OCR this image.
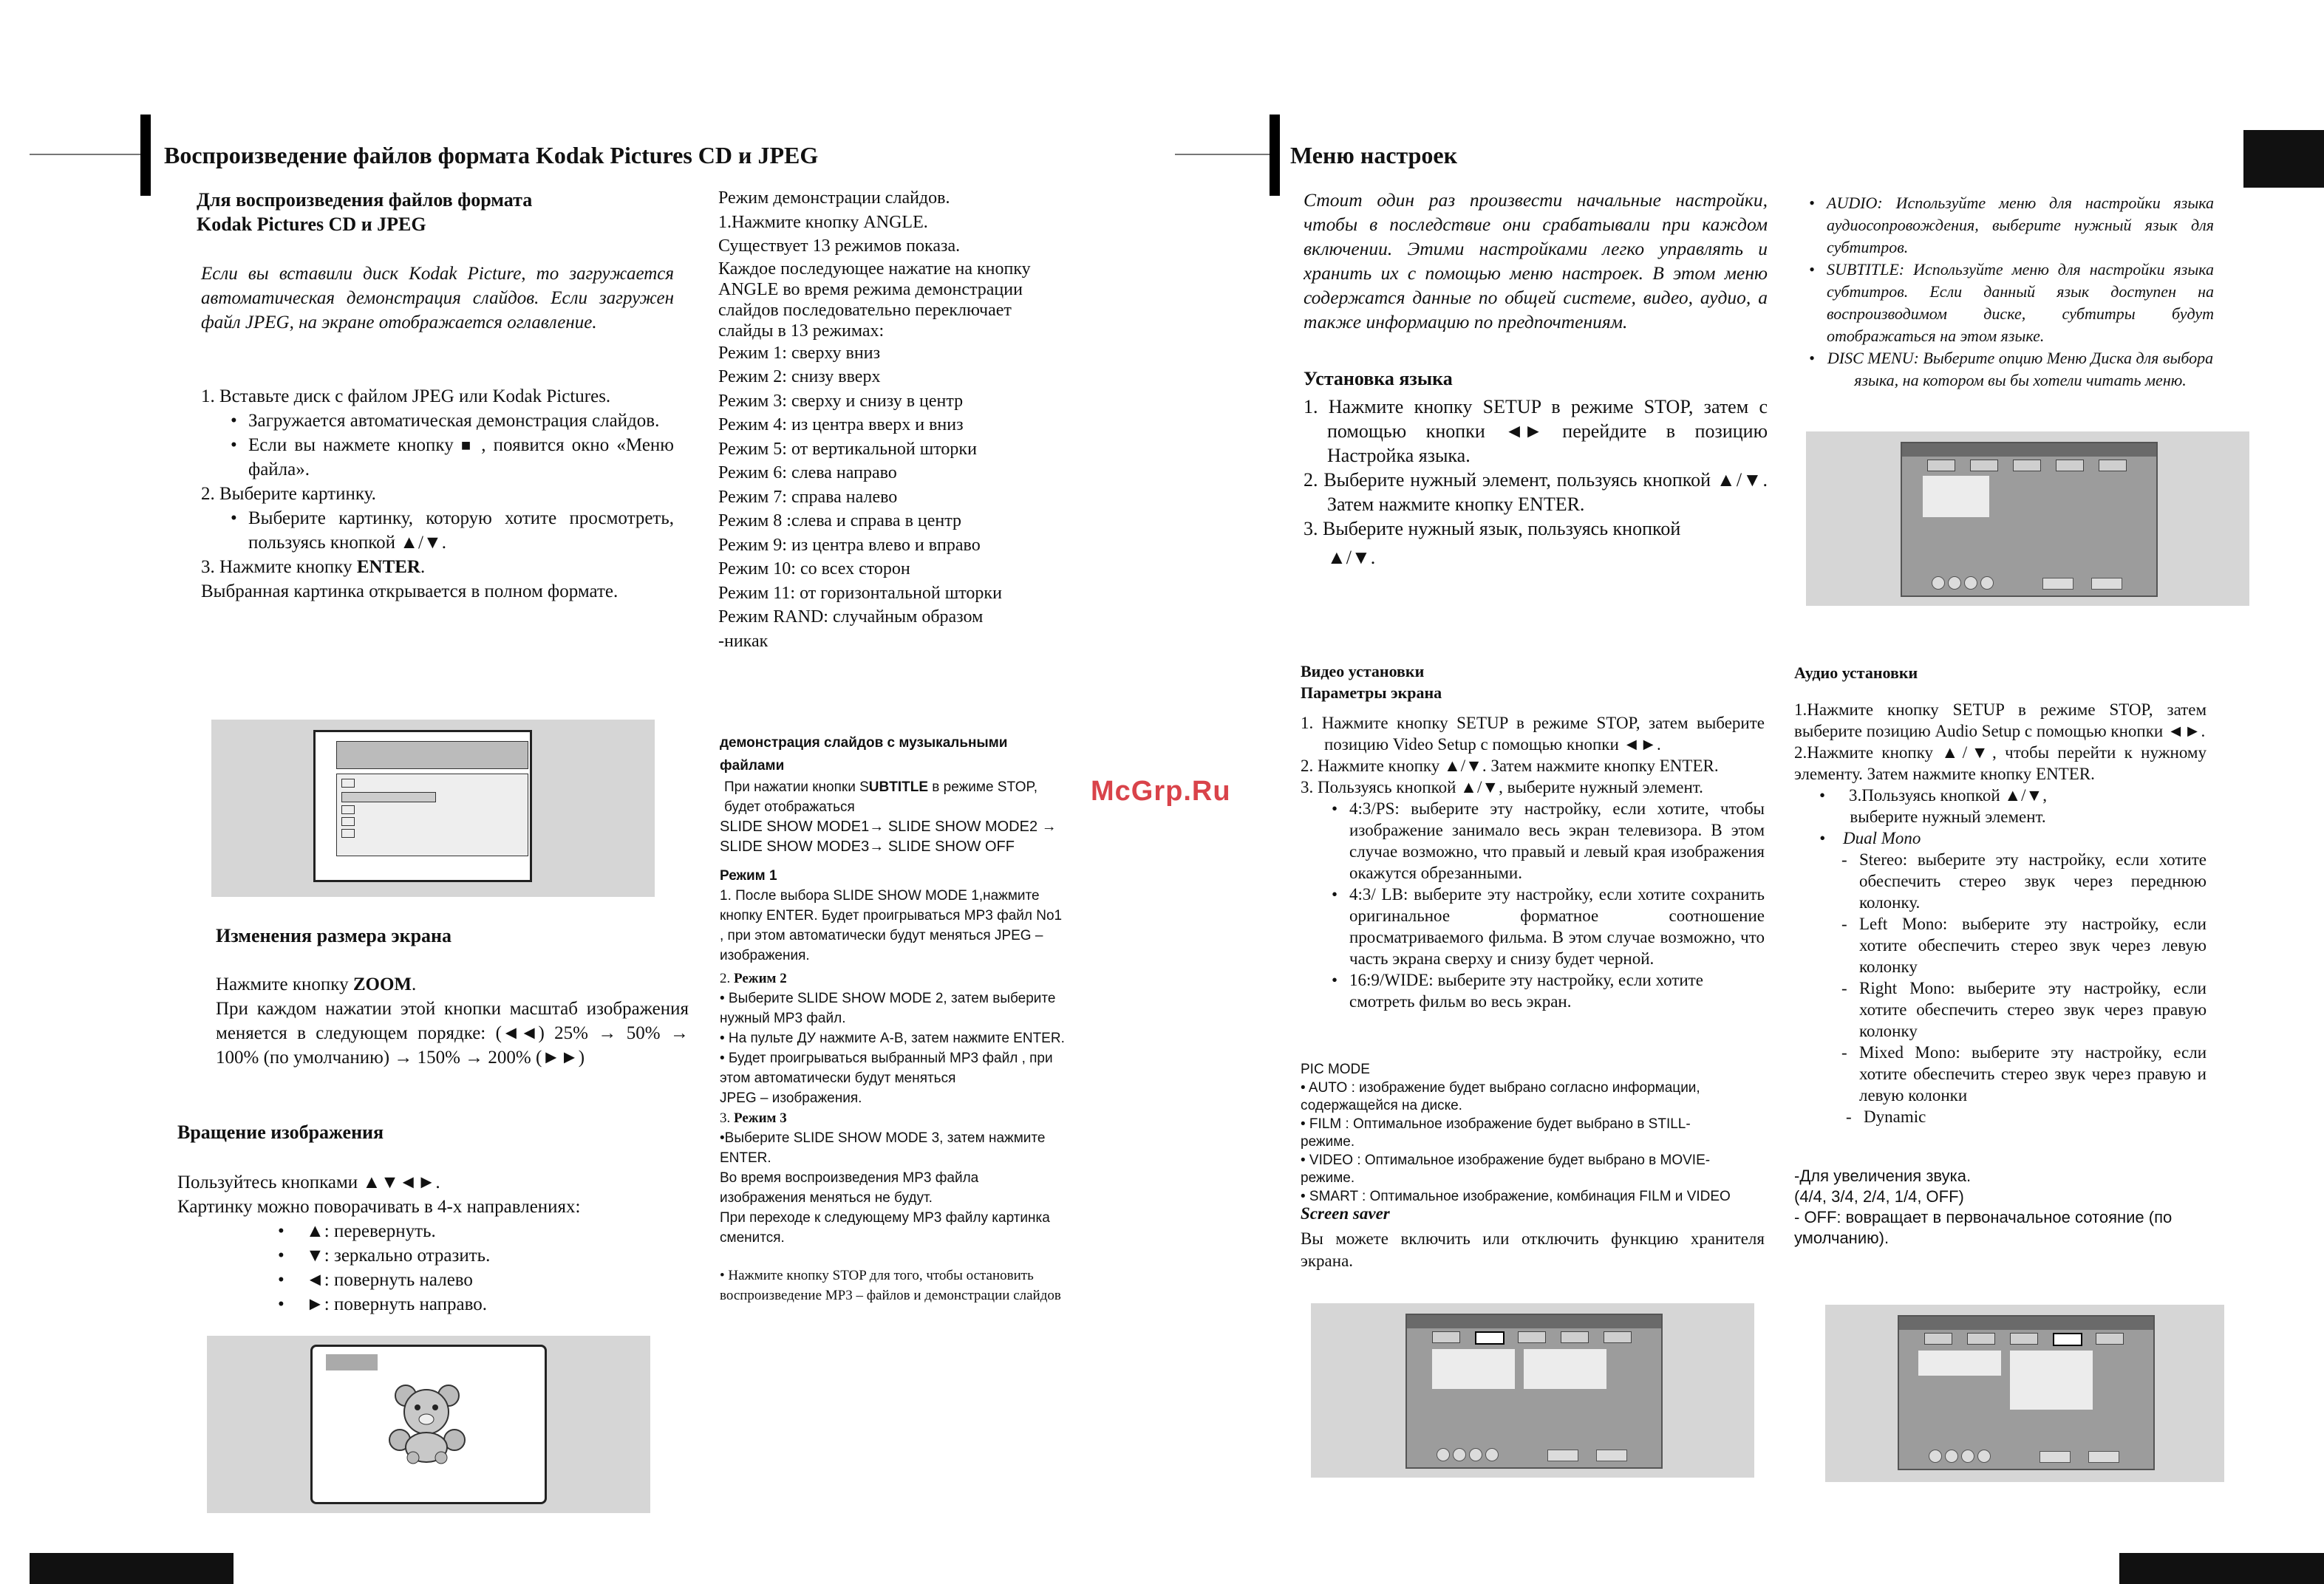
Воспроизведение файлов формата Kodak Pictures CD и JPEG
Для воспроизведения файлов формата
Kodak Pictures CD и JPEG
Если вы вставили диск Kodak Picture, то загружается автоматическая демонстрация слайдов. Если загружен файл JPEG, на экране отображается оглавление.
1. Вставьте диск с файлом JPEG или Kodak Pictures.
• Загружается автоматическая демонстрация слайдов.
• Если вы нажмете кнопку ■ , появится окно «Меню файла».
2. Выберите картинку.
• Выберите картинку, которую хотите просмотреть, пользуясь кнопкой ▲/▼.
3. Нажмите кнопку ENTER.
Выбранная картинка открывается в полном формате.
Изменения размера экрана
Нажмите кнопку ZOOM.
При каждом нажатии этой кнопки масштаб изображения меняется в следующем порядке: (◄◄) 25% → 50% → 100% (по умолчанию) → 150% → 200% (►►)
Вращение изображения
Пользуйтесь кнопками ▲▼◄►.
Картинку можно поворачивать в 4-х направлениях:
• ▲: перевернуть.
• ▼: зеркально отразить.
• ◄: повернуть налево
• ►: повернуть направо.
Режим демонстрации слайдов.
1.Нажмите кнопку ANGLE.
Существует 13 режимов показа.
Каждое последующее нажатие на кнопку ANGLE во время режима демонстрации слайдов последовательно переключает слайды в 13 режимах:
Режим 1: сверху вниз
Режим 2: снизу вверх
Режим 3: сверху и снизу в центр
Режим 4: из центра вверх и вниз
Режим 5: от вертикальной шторки
Режим 6: слева направо
Режим 7: справа налево
Режим 8 :слева и справа в центр
Режим 9: из центра влево и вправо
Режим 10: со всех сторон
Режим 11: от горизонтальной шторки
Режим RAND: случайным образом
-никак
демонстрация слайдов с музыкальными файлами
При нажатии кнопки SUBTITLE в режиме STOP, будет отображаться
SLIDE SHOW MODE1→ SLIDE SHOW MODE2 → SLIDE SHOW MODE3→ SLIDE SHOW OFF
Режим 1
1. После выбора SLIDE SHOW MODE 1,нажмите кнопку ENTER. Будет проигрываться MP3 файл No1 , при этом автоматически будут меняться JPEG – изображения.
2. Режим 2
• Выберите SLIDE SHOW MODE 2, затем выберите нужный MP3 файл.
• На пульте ДУ нажмите A-B, затем нажмите ENTER.
• Будет проигрываться выбранный MP3 файл , при этом автоматически будут меняться
JPEG – изображения.
3. Режим 3
•Выберите SLIDE SHOW MODE 3, затем нажмите ENTER.
Во время воспроизведения MP3 файла изображения меняться не будут.
При переходе к следующему MP3 файлу картинка сменится.
• Нажмите кнопку STOP для того, чтобы остановить воспроизведение MP3 – файлов и демонстрации слайдов
McGrp.Ru
Меню настроек
Стоит один раз произвести начальные настройки, чтобы в последствие они срабатывали при каждом включении. Этими настройками легко управлять и хранить их с помощью меню настроек. В этом меню содержатся данные по общей системе, видео, аудио, а также информацию по предпочтениям.
Установка языка
1. Нажмите кнопку SETUP в режиме STOP, затем с помощью кнопки ◄► перейдите в позицию Настройка языка.
2. Выберите нужный элемент, пользуясь кнопкой ▲/▼. Затем нажмите кнопку ENTER.
3. Выберите нужный язык, пользуясь кнопкой
▲/▼.
• AUDIO: Используйте меню для настройки языка аудиосопровождения, выберите нужный язык для субтитров.
• SUBTITLE: Используйте меню для настройки языка субтитров. Если данный язык доступен на воспроизводимом диске, субтитры будут отображаться на этом языке.
• DISC MENU: Выберите опцию Меню Диска для выбора языка, на котором вы бы хотели читать меню.
Видео установки
Параметры экрана
1. Нажмите кнопку SETUP в режиме STOP, затем выберите позицию Video Setup с помощью кнопки ◄►.
2. Нажмите кнопку ▲/▼. Затем нажмите кнопку ENTER.
3. Пользуясь кнопкой ▲/▼, выберите нужный элемент.
• 4:3/PS: выберите эту настройку, если хотите, чтобы изображение занимало весь экран телевизора. В этом случае возможно, что правый и левый края изображения окажутся обрезанными.
• 4:3/ LB: выберите эту настройку, если хотите сохранить оригинальное форматное соотношение просматриваемого фильма. В этом случае возможно, что часть экрана сверху и снизу будет черной.
• 16:9/WIDE: выберите эту настройку, если хотите смотреть фильм во весь экран.
PIC MODE
• AUTO : изображение будет выбрано согласно информации, содержащейся на диске.
• FILM : Оптимальное изображение будет выбрано в STILL-режиме.
• VIDEO : Оптимальное изображение будет выбрано в MOVIE-режиме.
• SMART : Оптимальное изображение, комбинация FILM и VIDEO
Screen saver
Вы можете включить или отключить функцию хранителя экрана.
Аудио установки
1.Нажмите кнопку SETUP в режиме STOP, затем выберите позицию Audio Setup с помощью кнопки ◄►.
2.Нажмите кнопку ▲/▼, чтобы перейти к нужному элементу. Затем нажмите кнопку ENTER.
• 3.Пользуясь кнопкой ▲/▼, выберите нужный элемент.
• Dual Mono
- Stereo: выберите эту настройку, если хотите обеспечить стерео звук через переднюю колонку.
- Left Mono: выберите эту настройку, если хотите обеспечить стерео звук через левую колонку
- Right Mono: выберите эту настройку, если хотите обеспечить стерео звук через правую колонку
- Mixed Mono: выберите эту настройку, если хотите обеспечить стерео звук через правую и левую колонки
- Dynamic
-Для увеличения звука.
(4/4, 3/4, 2/4, 1/4, OFF)
- OFF: вовращает в первоначальное сотояние (по умолчанию).
